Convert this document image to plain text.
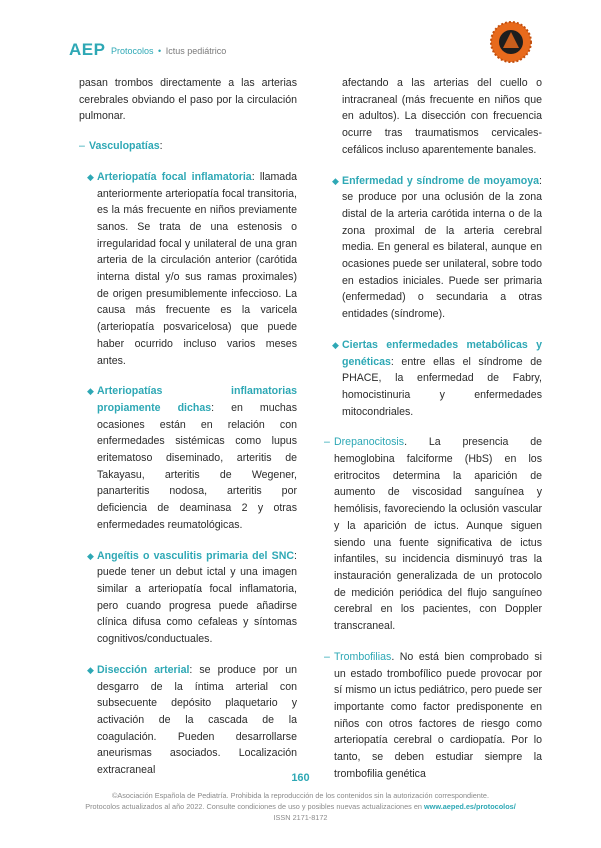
AEP Protocolos • Ictus pediátrico

pasan trombos directamente a las arterias cerebrales obviando el paso por la circulación pulmonar.

– Vasculopatías:
◆ Arteriopatía focal inflamatoria: llamada anteriormente arteriopatía focal transitoria, es la más frecuente en niños previamente sanos. Se trata de una estenosis o irregularidad focal y unilateral de una gran arteria de la circulación anterior (carótida interna distal y/o sus ramas proximales) de origen presumiblemente infeccioso. La causa más frecuente es la varicela (arteriopatía posvaricelosa) que puede haber ocurrido incluso varios meses antes.

◆ Arteriopatías inflamatorias propiamente dichas: en muchas ocasiones están en relación con enfermedades sistémicas como lupus eritematoso diseminado, arteritis de Takayasu, arteritis de Wegener, panarteritis nodosa, arteritis por deficiencia de deaminasa 2 y otras enfermedades reumatológicas.

◆ Angeítis o vasculitis primaria del SNC: puede tener un debut ictal y una imagen similar a arteriopatía focal inflamatoria, pero cuando progresa puede añadirse clínica difusa como cefaleas y síntomas cognitivos/conductuales.

◆ Disección arterial: se produce por un desgarro de la íntima arterial con subsecuente depósito plaquetario y activación de la cascada de la coagulación. Pueden desarrollarse aneurismas asociados. Localización extracraneal

afectando a las arterias del cuello o intracraneal (más frecuente en niños que en adultos). La disección con frecuencia ocurre tras traumatismos cervicales-cefálicos incluso aparentemente banales.

◆ Enfermedad y síndrome de moyamoya: se produce por una oclusión de la zona distal de la arteria carótida interna o de la zona proximal de la arteria cerebral media. En general es bilateral, aunque en ocasiones puede ser unilateral, sobre todo en estadios iniciales. Puede ser primaria (enfermedad) o secundaria a otras entidades (síndrome).

◆ Ciertas enfermedades metabólicas y genéticas: entre ellas el síndrome de PHACE, la enfermedad de Fabry, homocistinuria y enfermedades mitocondriales.

– Drepanocitosis. La presencia de hemoglobina falciforme (HbS) en los eritrocitos determina la aparición de aumento de viscosidad sanguínea y hemólisis, favoreciendo la oclusión vascular y la aparición de ictus. Aunque siguen siendo una fuente significativa de ictus infantiles, su incidencia disminuyó tras la instauración generalizada de un protocolo de medición periódica del flujo sanguíneo cerebral en los pacientes, con Doppler transcraneal.

– Trombofilias. No está bien comprobado si un estado trombofílico puede provocar por sí mismo un ictus pediátrico, pero puede ser importante como factor predisponente en niños con otros factores de riesgo como arteriopatía cerebral o cardiopatía. Por lo tanto, se deben estudiar siempre la trombofilia genética

160
©Asociación Española de Pediatría. Prohibida la reproducción de los contenidos sin la autorización correspondiente.
Protocolos actualizados al año 2022. Consulte condiciones de uso y posibles nuevas actualizaciones en www.aeped.es/protocolos/
ISSN 2171-8172
